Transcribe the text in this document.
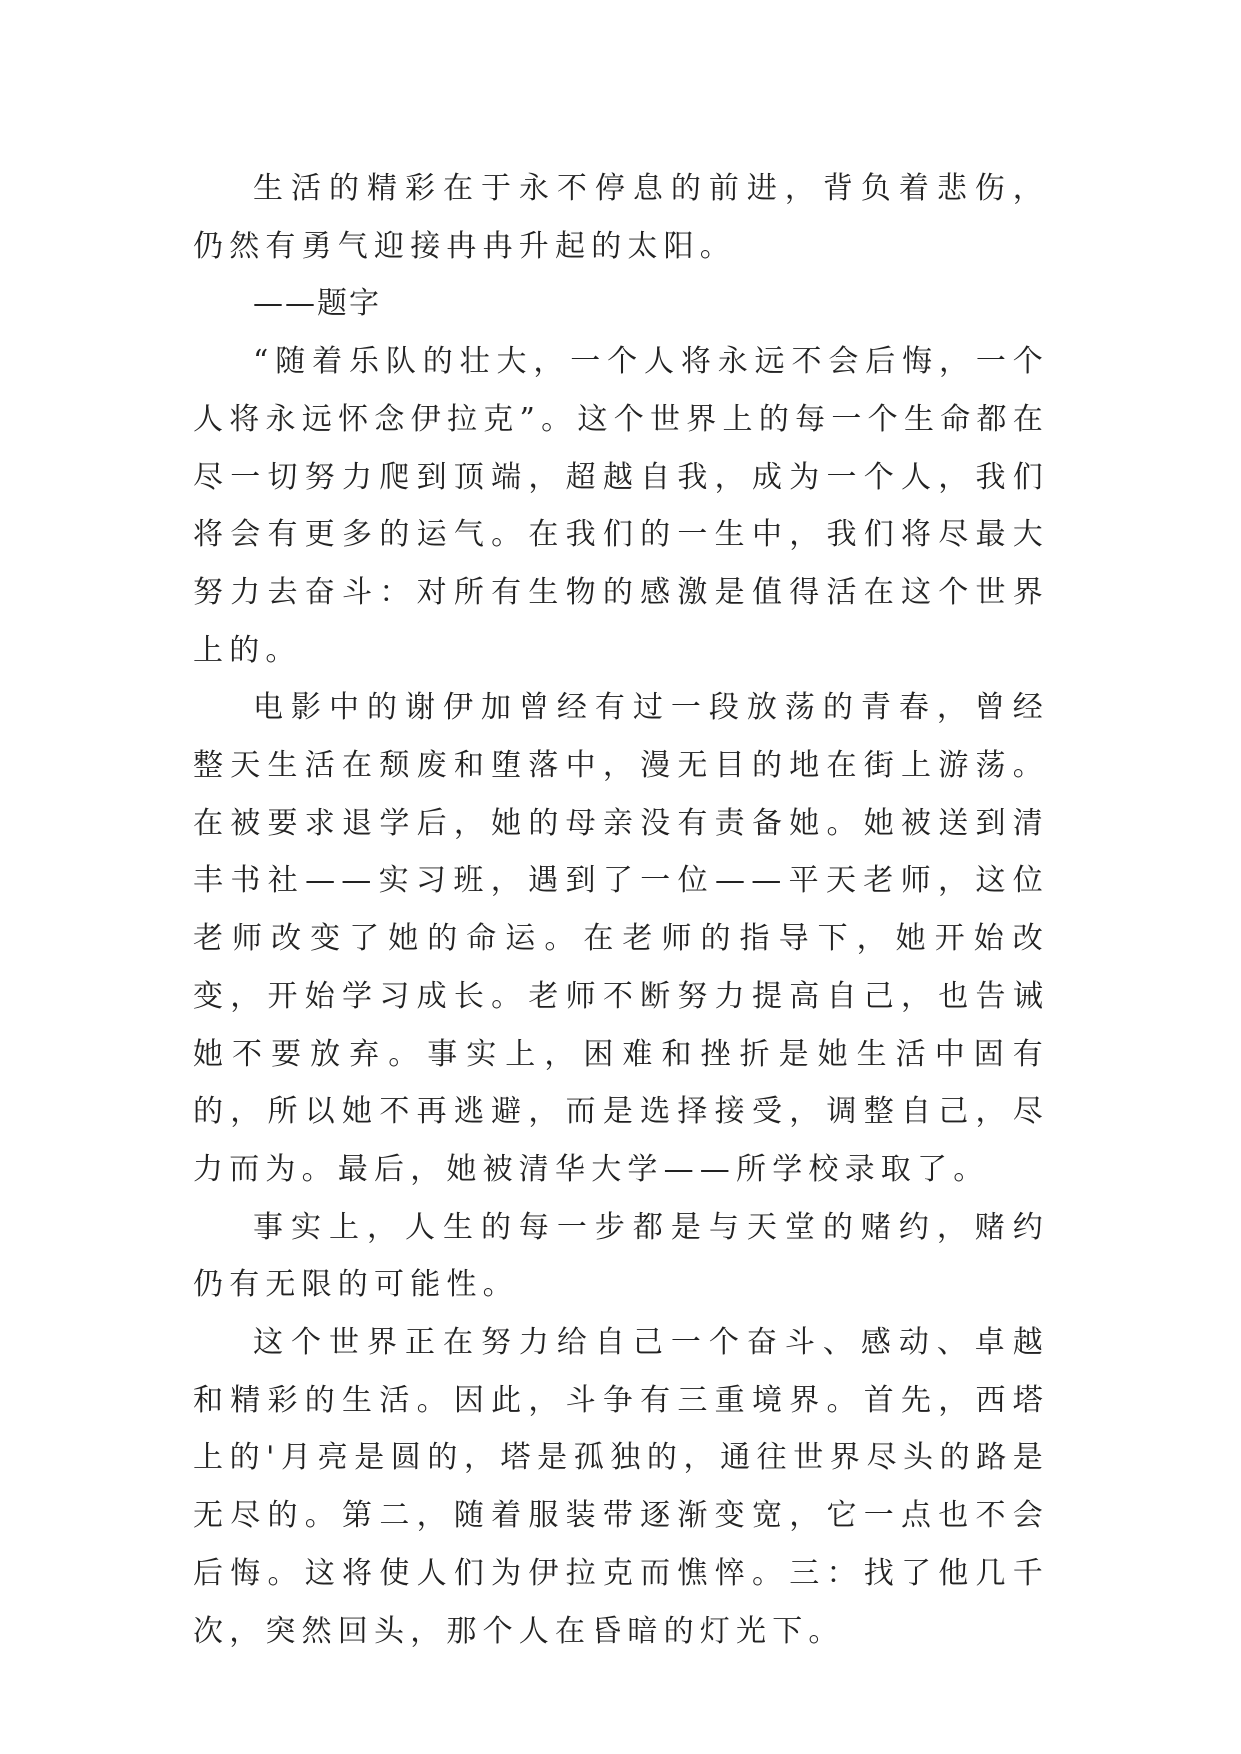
生活的精彩在于永不停息的前进，背负着悲伤，仍然有勇气迎接冉冉升起的太阳。

——题字

“随着乐队的壮大，一个人将永远不会后悔，一个人将永远怀念伊拉克”。这个世界上的每一个生命都在尽一切努力爬到顶端，超越自我，成为一个人，我们将会有更多的运气。在我们的一生中，我们将尽最大努力去奋斗：对所有生物的感激是值得活在这个世界上的。

电影中的谢伊加曾经有过一段放荡的青春，曾经整天生活在颓废和堕落中，漫无目的地在街上游荡。在被要求退学后，她的母亲没有责备她。她被送到清丰书社——实习班，遇到了一位——平天老师，这位老师改变了她的命运。在老师的指导下，她开始改变，开始学习成长。老师不断努力提高自己，也告诫她不要放弃。事实上，困难和挫折是她生活中固有的，所以她不再逃避，而是选择接受，调整自己，尽力而为。最后，她被清华大学——所学校录取了。

事实上，人生的每一步都是与天堂的赌约，赌约仍有无限的可能性。

这个世界正在努力给自己一个奋斗、感动、卓越和精彩的生活。因此，斗争有三重境界。首先，西塔上的'月亮是圆的，塔是孤独的，通往世界尽头的路是无尽的。第二，随着服装带逐渐变宽，它一点也不会后悔。这将使人们为伊拉克而憔悴。三：找了他几千次，突然回头，那个人在昏暗的灯光下。
